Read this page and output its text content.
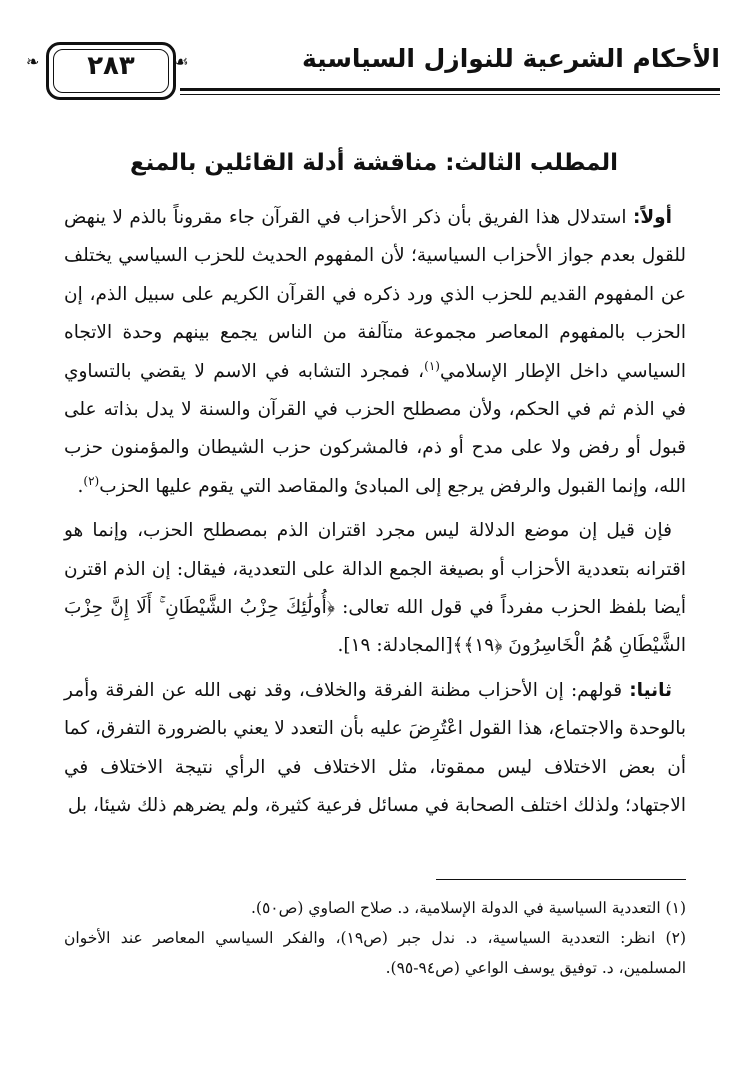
٢٨٣
❧	☙	الأحكام الشرعية للنوازل السياسية
المطلب الثالث: مناقشة أدلة القائلين بالمنع

أولاً: استدلال هذا الفريق بأن ذكر الأحزاب في القرآن جاء مقروناً بالذم لا ينهض للقول بعدم جواز الأحزاب السياسية؛ لأن المفهوم الحديث للحزب السياسي يختلف عن المفهوم القديم للحزب الذي ورد ذكره في القرآن الكريم على سبيل الذم، إن الحزب بالمفهوم المعاصر مجموعة متآلفة من الناس يجمع بينهم وحدة الاتجاه السياسي داخل الإطار الإسلامي$^{(١)}$، فمجرد التشابه في الاسم لا يقضي بالتساوي في الذم ثم في الحكم، ولأن مصطلح الحزب في القرآن والسنة لا يدل بذاته على قبول أو رفض ولا على مدح أو ذم، فالمشركون حزب الشيطان والمؤمنون حزب الله، وإنما القبول والرفض يرجع إلى المبادئ والمقاصد التي يقوم عليها الحزب$^{(٢)}$.

فإن قيل إن موضع الدلالة ليس مجرد اقتران الذم بمصطلح الحزب، وإنما هو اقترانه بتعددية الأحزاب أو بصيغة الجمع الدالة على التعددية، فيقال: إن الذم اقترن أيضا بلفظ الحزب مفرداً في قول الله تعالى: ﴿أُولَٰئِكَ حِزْبُ الشَّيْطَانِ ۚ أَلَا إِنَّ حِزْبَ الشَّيْطَانِ هُمُ الْخَاسِرُونَ ﴿١٩﴾﴾[المجادلة: ١٩].

ثانيا: قولهم: إن الأحزاب مظنة الفرقة والخلاف، وقد نهى الله عن الفرقة وأمر بالوحدة والاجتماع، هذا القول اعْتُرِضَ عليه بأن التعدد لا يعني بالضرورة التفرق، كما أن بعض الاختلاف ليس ممقوتا، مثل الاختلاف في الرأي نتيجة الاختلاف في الاجتهاد؛ ولذلك اختلف الصحابة في مسائل فرعية كثيرة، ولم يضرهم ذلك شيئا، بل

(١) التعددية السياسية في الدولة الإسلامية، د. صلاح الصاوي (ص٥٠).
(٢) انظر: التعددية السياسية، د. ندل جبر (ص١٩)، والفكر السياسي المعاصر عند الأخوان المسلمين، د. توفيق يوسف الواعي (ص٩٤-٩٥).
